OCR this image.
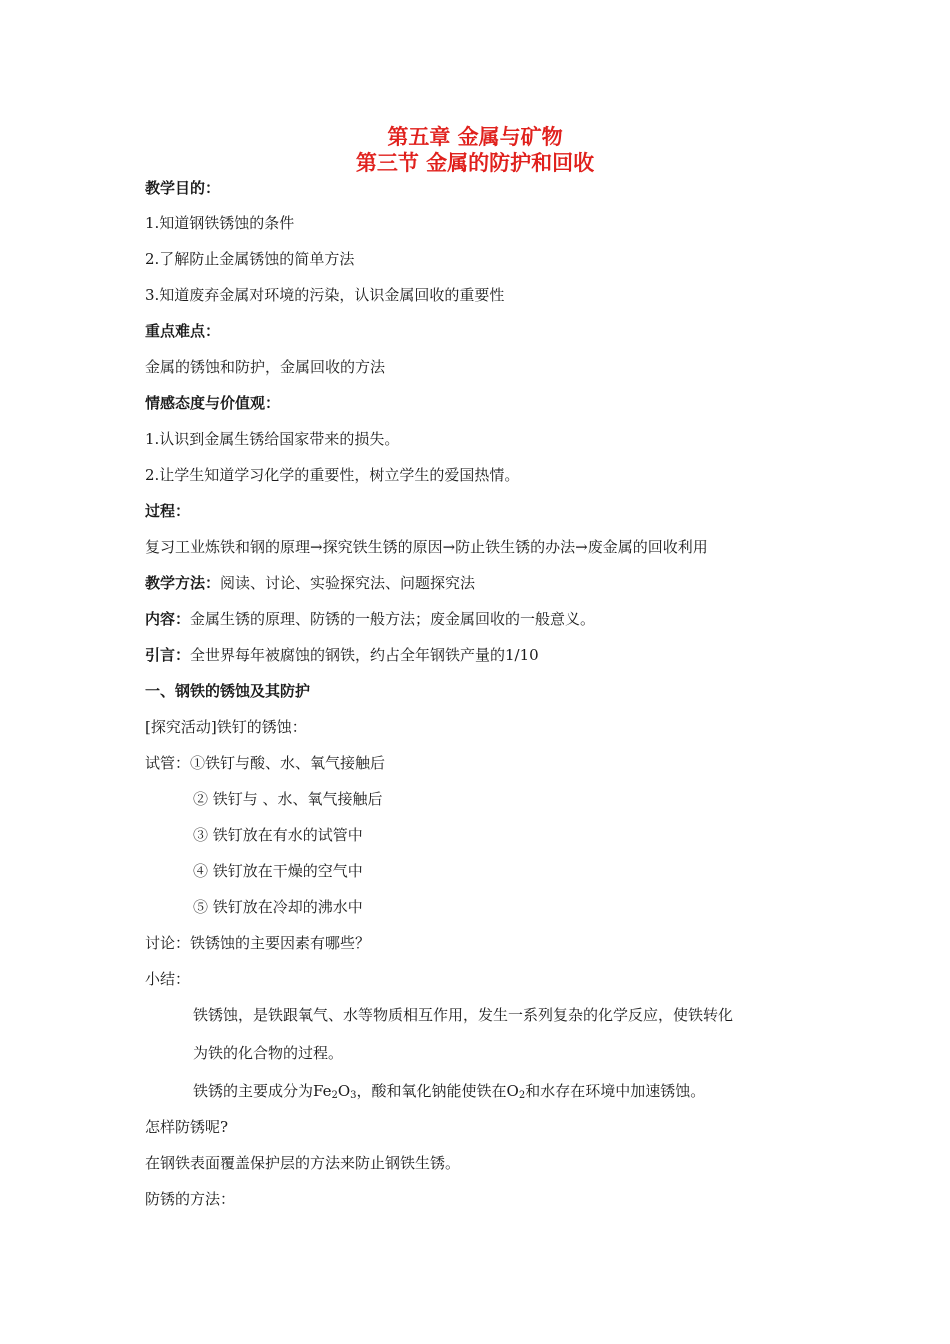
第五章 金属与矿物
第三节 金属的防护和回收
教学目的：
1.知道钢铁锈蚀的条件
2.了解防止金属锈蚀的简单方法
3.知道废弃金属对环境的污染，认识金属回收的重要性
重点难点：
金属的锈蚀和防护，金属回收的方法
情感态度与价值观：
1.认识到金属生锈给国家带来的损失。
2.让学生知道学习化学的重要性，树立学生的爱国热情。
过程：
复习工业炼铁和钢的原理→探究铁生锈的原因→防止铁生锈的办法→废金属的回收利用
教学方法：阅读、讨论、实验探究法、问题探究法
内容：金属生锈的原理、防锈的一般方法；废金属回收的一般意义。
引言：全世界每年被腐蚀的钢铁，约占全年钢铁产量的1/10
一、钢铁的锈蚀及其防护
[探究活动]铁钉的锈蚀：
试管：①铁钉与酸、水、氧气接触后
② 铁钉与 、水、氧气接触后
③ 铁钉放在有水的试管中
④ 铁钉放在干燥的空气中
⑤ 铁钉放在冷却的沸水中
讨论：铁锈蚀的主要因素有哪些？
小结：
铁锈蚀，是铁跟氧气、水等物质相互作用，发生一系列复杂的化学反应，使铁转化
为铁的化合物的过程。
铁锈的主要成分为$Fe_2O_3$，酸和氧化钠能使铁在$O_2$和水存在环境中加速锈蚀。
怎样防锈呢?
在钢铁表面覆盖保护层的方法来防止钢铁生锈。
防锈的方法：
